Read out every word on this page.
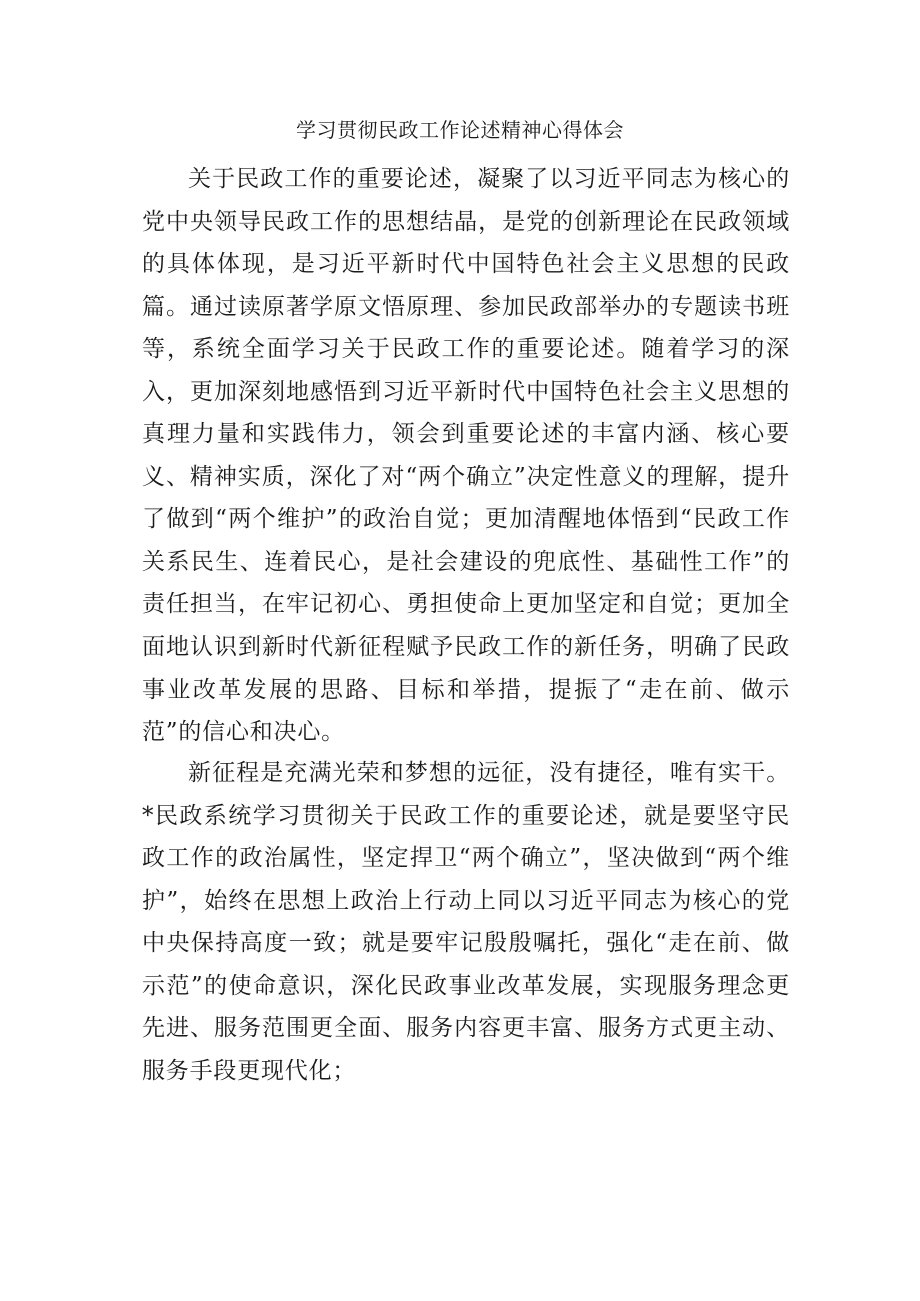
学习贯彻民政工作论述精神心得体会

关于民政工作的重要论述，凝聚了以习近平同志为核心的党中央领导民政工作的思想结晶，是党的创新理论在民政领域的具体体现，是习近平新时代中国特色社会主义思想的民政篇。通过读原著学原文悟原理、参加民政部举办的专题读书班等，系统全面学习关于民政工作的重要论述。随着学习的深入，更加深刻地感悟到习近平新时代中国特色社会主义思想的真理力量和实践伟力，领会到重要论述的丰富内涵、核心要义、精神实质，深化了对“两个确立”决定性意义的理解，提升了做到“两个维护”的政治自觉；更加清醒地体悟到“民政工作关系民生、连着民心，是社会建设的兜底性、基础性工作”的责任担当，在牢记初心、勇担使命上更加坚定和自觉；更加全面地认识到新时代新征程赋予民政工作的新任务，明确了民政事业改革发展的思路、目标和举措，提振了“走在前、做示范”的信心和决心。

新征程是充满光荣和梦想的远征，没有捷径，唯有实干。*民政系统学习贯彻关于民政工作的重要论述，就是要坚守民政工作的政治属性，坚定捍卫“两个确立”，坚决做到“两个维护”，始终在思想上政治上行动上同以习近平同志为核心的党中央保持高度一致；就是要牢记殷殷嘱托，强化“走在前、做示范”的使命意识，深化民政事业改革发展，实现服务理念更先进、服务范围更全面、服务内容更丰富、服务方式更主动、服务手段更现代化；
